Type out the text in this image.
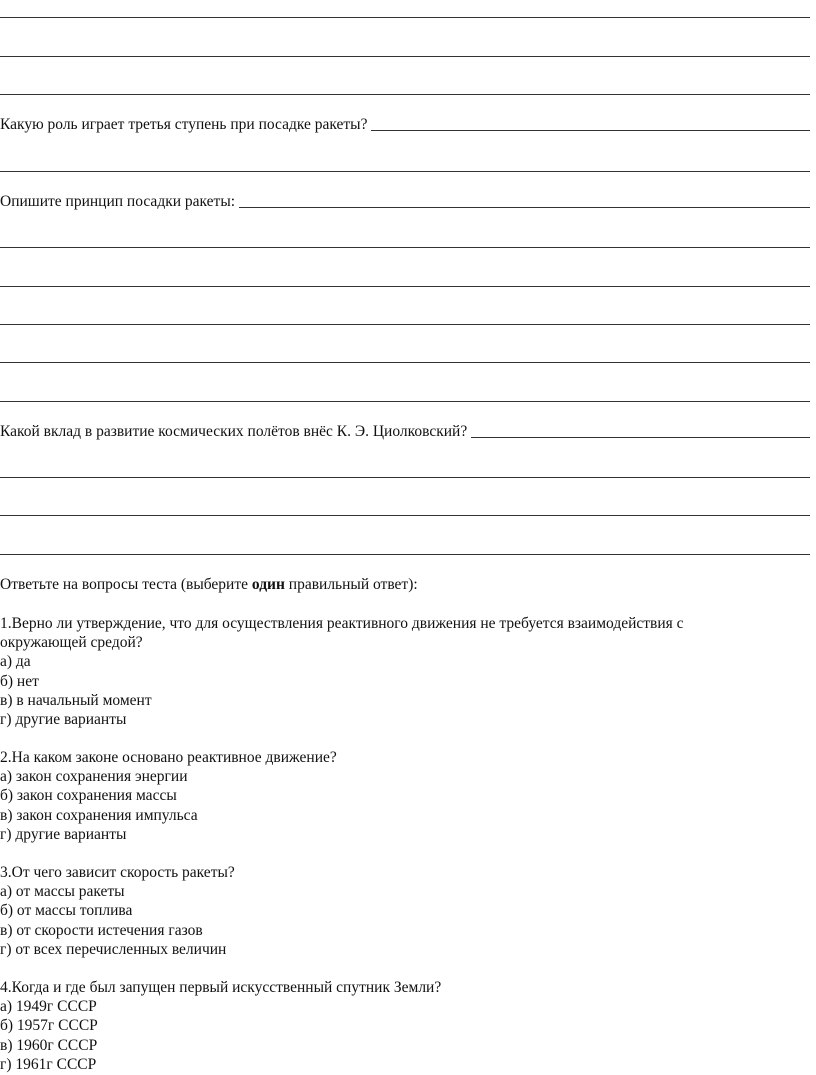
Какую роль играет третья ступень при посадке ракеты?
Опишите принцип посадки ракеты:
Какой вклад в развитие космических полётов внёс К. Э. Циолковский?
Ответьте на вопросы теста (выберите один правильный ответ):
1.Верно ли утверждение, что для осуществления реактивного движения не требуется взаимодействия с окружающей средой?
а) да
б) нет
в) в начальный момент
г) другие варианты
2.На каком законе основано реактивное движение?
а) закон сохранения энергии
б) закон сохранения массы
в) закон сохранения импульса
г) другие варианты
3.От чего зависит скорость ракеты?
а) от массы ракеты
б) от массы топлива
в) от скорости истечения газов
г) от всех перечисленных величин
4.Когда и где был запущен первый искусственный спутник Земли?
а) 1949г СССР
б) 1957г СССР
в) 1960г СССР
г) 1961г СССР
